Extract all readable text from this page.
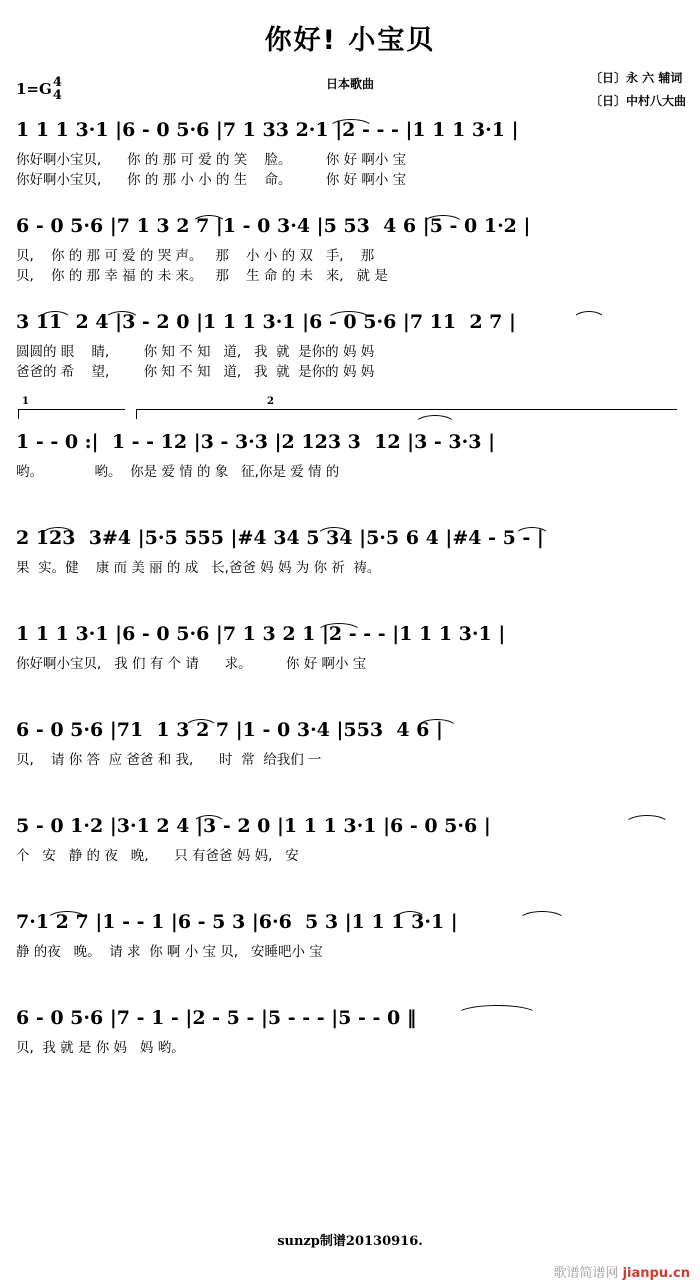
你好! 小宝贝
1=G 4
4
日本歌曲	〔日〕永 六 辅词
〔日〕中村八大曲
1 1 1 3·1 |6 - 0 5·6 |7 1 33 2·1 |2 - - - |1 1 1 3·1 |
你好啊小宝贝,      你 的 那 可 爱 的 笑    脸。        你 好 啊小 宝
你好啊小宝贝,      你 的 那 小 小 的 生    命。        你 好 啊小 宝
6 - 0 5·6 |7 1 3 2 7 |1 - 0 3·4 |5 53  4 6 |5 - 0 1·2 |
贝,    你 的 那 可 爱 的 哭 声。   那    小 小 的 双   手,    那
贝,    你 的 那 幸 福 的 未 来。   那    生 命 的 未   来,   就 是
3 11  2 4 |3 - 2 0 |1 1 1 3·1 |6 - 0 5·6 |7 11  2 7 |
圆圆的 眼    睛,        你 知 不 知   道,   我  就  是你的 妈 妈
爸爸的 希    望,        你 知 不 知   道,   我  就  是你的 妈 妈
1	2
1 - - 0 :|  1 - - 12 |3 - 3·3 |2 123 3  12 |3 - 3·3 |
哟。            哟。  你是 爱 情 的 象   征,你是 爱 情 的
2 123  3#4 |5·5 555 |#4 34 5 34 |5·5 6 4 |#4 - 5 - |
果  实。健    康 而 美 丽 的 成   长,爸爸 妈 妈 为 你 祈  祷。
1 1 1 3·1 |6 - 0 5·6 |7 1 3 2 1 |2 - - - |1 1 1 3·1 |
你好啊小宝贝,   我 们 有 个 请      求。        你 好 啊小 宝
6 - 0 5·6 |71  1 3 2 7 |1 - 0 3·4 |553  4 6 |
贝,    请 你 答  应 爸爸 和 我,      时  常  给我们 一
5 - 0 1·2 |3·1 2 4 |3 - 2 0 |1 1 1 3·1 |6 - 0 5·6 |
个   安   静 的 夜   晚,      只 有爸爸 妈 妈,   安
7·1 2 7 |1 - - 1 |6 - 5 3 |6·6  5 3 |1 1 1 3·1 |
静 的夜   晚。  请 求  你 啊 小 宝 贝,   安睡吧小 宝
6 - 0 5·6 |7 - 1 - |2 - 5 - |5 - - - |5 - - 0 ‖
贝,  我 就 是 你 妈   妈 哟。
sunzp制谱20130916.
歌谱简谱网 jianpu.cn
